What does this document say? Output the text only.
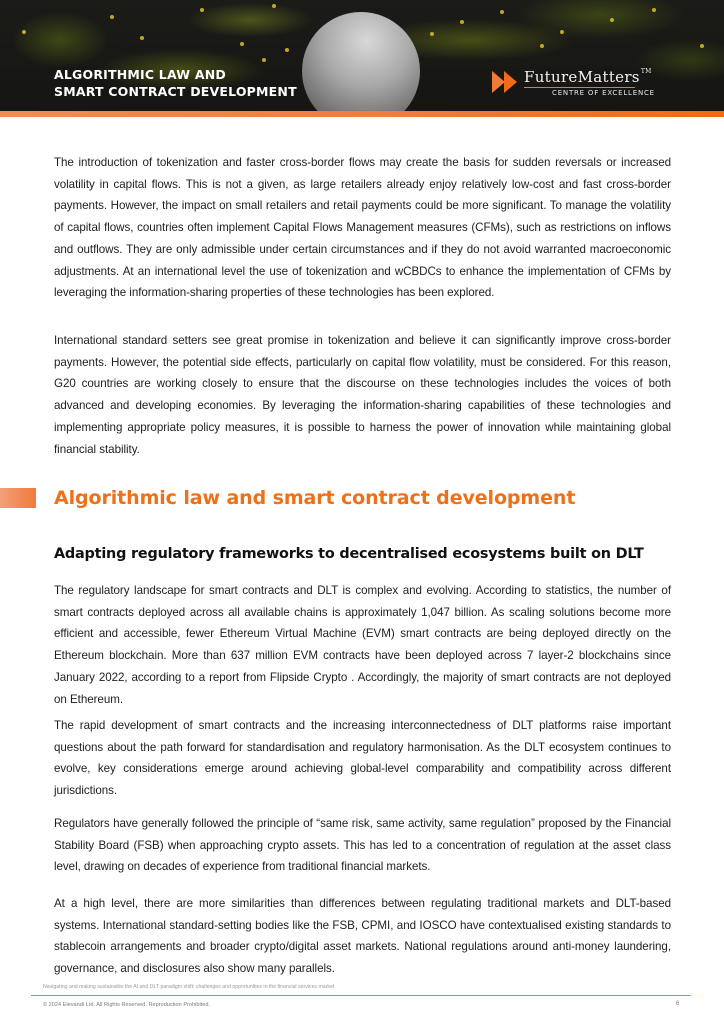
ALGORITHMIC LAW AND
SMART CONTRACT DEVELOPMENT
FutureMatters™
CENTRE OF EXCELLENCE

The introduction of tokenization and faster cross-border flows may create the basis for sudden reversals or increased volatility in capital flows. This is not a given, as large retailers already enjoy relatively low-cost and fast cross-border payments. However, the impact on small retailers and retail payments could be more significant. To manage the volatility of capital flows, countries often implement Capital Flows Management measures (CFMs), such as restrictions on inflows and outflows. They are only admissible under certain circumstances and if they do not avoid warranted macroeconomic adjustments. At an international level the use of tokenization and wCBDCs to enhance the implementation of CFMs by leveraging the information-sharing properties of these technologies has been explored.

International standard setters see great promise in tokenization and believe it can significantly improve cross-border payments. However, the potential side effects, particularly on capital flow volatility, must be considered. For this reason, G20 countries are working closely to ensure that the discourse on these technologies includes the voices of both advanced and developing economies. By leveraging the information-sharing capabilities of these technologies and implementing appropriate policy measures, it is possible to harness the power of innovation while maintaining global financial stability.

Algorithmic law and smart contract development
Adapting regulatory frameworks to decentralised ecosystems built on DLT

The regulatory landscape for smart contracts and DLT is complex and evolving. According to statistics, the number of smart contracts deployed across all available chains is approximately 1,047 billion. As scaling solutions become more efficient and accessible, fewer Ethereum Virtual Machine (EVM) smart contracts are being deployed directly on the Ethereum blockchain. More than 637 million EVM contracts have been deployed across 7 layer-2 blockchains since January 2022, according to a report from Flipside Crypto . Accordingly, the majority of smart contracts are not deployed on Ethereum.

The rapid development of smart contracts and the increasing interconnectedness of DLT platforms raise important questions about the path forward for standardisation and regulatory harmonisation. As the DLT ecosystem continues to evolve, key considerations emerge around achieving global-level comparability and compatibility across different jurisdictions.

Regulators have generally followed the principle of “same risk, same activity, same regulation” proposed by the Financial Stability Board (FSB) when approaching crypto assets. This has led to a concentration of regulation at the asset class level, drawing on decades of experience from traditional financial markets.

At a high level, there are more similarities than differences between regulating traditional markets and DLT-based systems. International standard-setting bodies like the FSB, CPMI, and IOSCO have contextualised existing standards to stablecoin arrangements and broader crypto/digital asset markets. National regulations around anti-money laundering, governance, and disclosures also show many parallels.

Navigating and making sustainable the AI and DLT paradigm shift: challenges and opportunities in the financial services market
© 2024 Elevandi Ltd. All Rights Reserved. Reproduction Prohibited.	6
